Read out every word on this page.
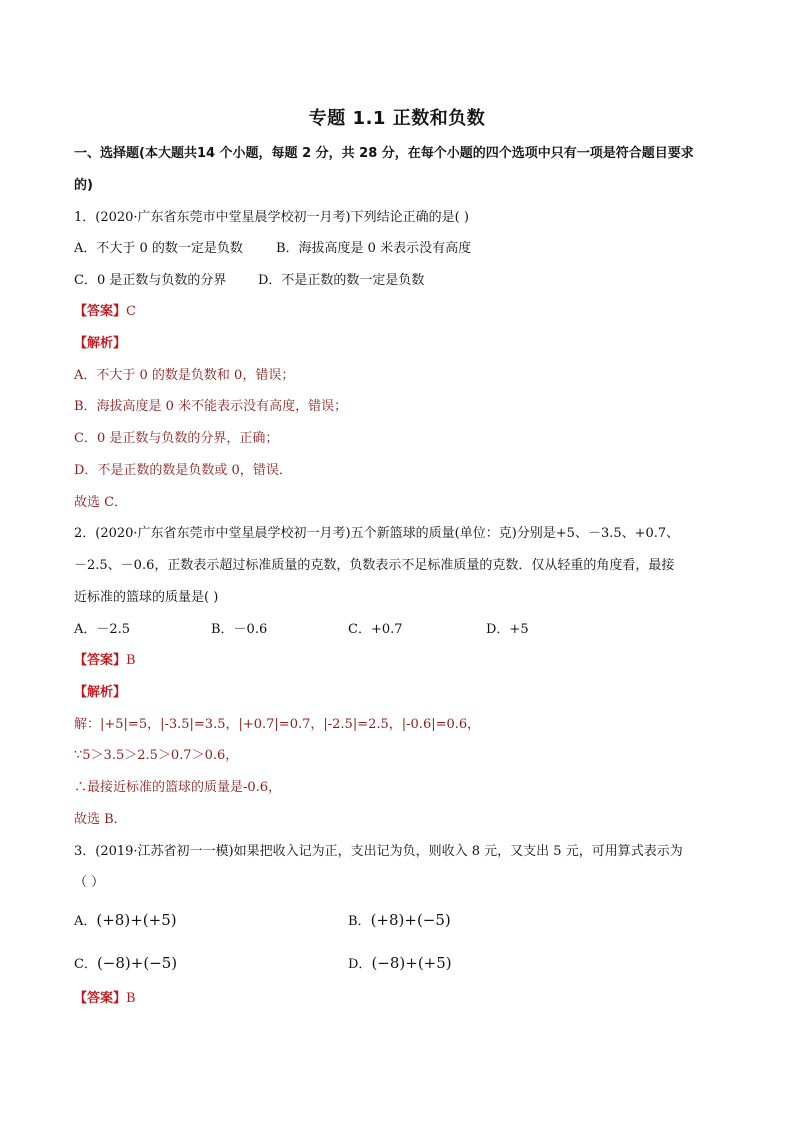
专题 1.1 正数和负数
一、选择题(本大题共14 个小题，每题 2 分，共 28 分，在每个小题的四个选项中只有一项是符合题目要求
的)
1．(2020·广东省东莞市中堂星晨学校初一月考)下列结论正确的是( )
A．不大于 0 的数一定是负数	B．海拔高度是 0 米表示没有高度
C．0 是正数与负数的分界 D．不是正数的数一定是负数
【答案】C
【解析】
A．不大于 0 的数是负数和 0，错误；
B．海拔高度是 0 米不能表示没有高度，错误；
C．0 是正数与负数的分界，正确；
D．不是正数的数是负数或 0，错误．
故选 C．
2．(2020·广东省东莞市中堂星晨学校初一月考)五个新篮球的质量(单位：克)分别是+5、－3.5、+0.7、
－2.5、－0.6，正数表示超过标准质量的克数，负数表示不足标准质量的克数．仅从轻重的角度看，最接
近标准的篮球的质量是( )
A．－2.5	B．－0.6	C．+0.7	D．+5
【答案】B
【解析】
解：|+5|=5，|-3.5|=3.5，|+0.7|=0.7，|-2.5|=2.5，|-0.6|=0.6，
∵5＞3.5＞2.5＞0.7＞0.6，
∴最接近标准的篮球的质量是-0.6，
故选 B．
3．(2019·江苏省初一一模)如果把收入记为正，支出记为负，则收入 8 元，又支出 5 元，可用算式表示为
（ ）
A．(+8)+(+5)	B．(+8)+(−5)
C．(−8)+(−5)	D．(−8)+(+5)
【答案】B
